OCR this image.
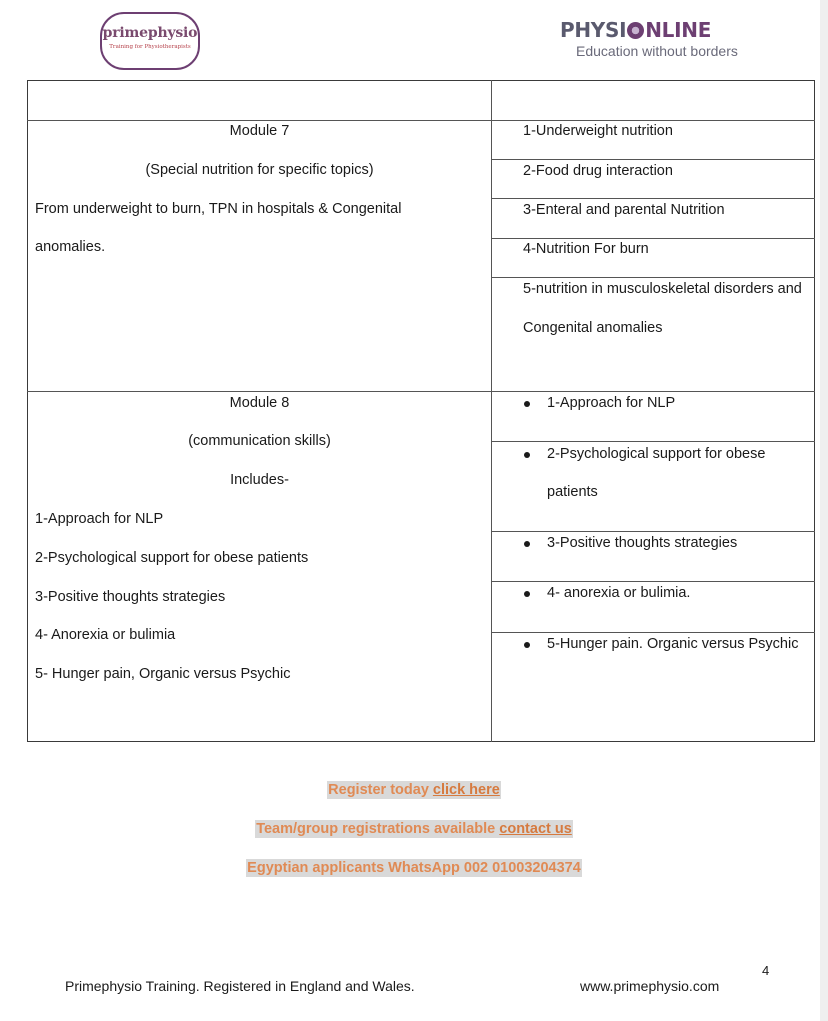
primephysio
Training for Physiotherapists
PHYSI NLINE
Education without borders
Module 7
(Special nutrition for specific topics)
From underweight to burn, TPN in hospitals & Congenital
anomalies.
1-Underweight nutrition
2-Food drug interaction
3-Enteral and parental Nutrition
4-Nutrition For burn
5-nutrition in musculoskeletal disorders and
Congenital anomalies
Module 8
(communication skills)
Includes-
1-Approach for NLP
2-Psychological support for obese patients
3-Positive thoughts strategies
4- Anorexia or bulimia
5- Hunger pain, Organic versus Psychic
1-Approach for NLP
2-Psychological support for obese
patients
3-Positive thoughts strategies
4- anorexia or bulimia.
5-Hunger pain. Organic versus Psychic
Register today click here
Team/group registrations available contact us
Egyptian applicants WhatsApp 002 01003204374
4
Primephysio Training. Registered in England and Wales.	www.primephysio.com
